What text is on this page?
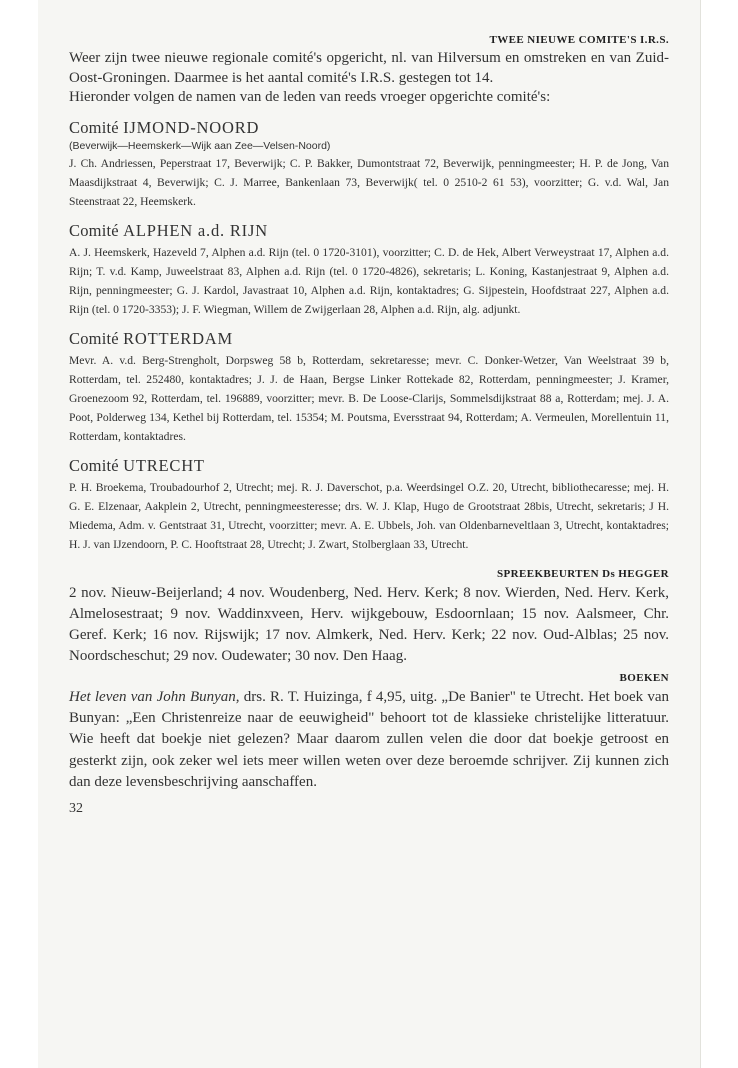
TWEE NIEUWE COMITE'S I.R.S.

Weer zijn twee nieuwe regionale comité's opgericht, nl. van Hilversum en omstreken en van Zuid-Oost-Groningen. Daarmee is het aantal comité's I.R.S. gestegen tot 14.

Hieronder volgen de namen van de leden van reeds vroeger opgerichte comité's:

Comité IJMOND-NOORD
(Beverwijk—Heemskerk—Wijk aan Zee—Velsen-Noord)

J. Ch. Andriessen, Peperstraat 17, Beverwijk; C. P. Bakker, Dumontstraat 72, Beverwijk, penningmeester; H. P. de Jong, Van Maasdijkstraat 4, Beverwijk; C. J. Marree, Bankenlaan 73, Beverwijk( tel. 0 2510-2 61 53), voorzitter; G. v.d. Wal, Jan Steenstraat 22, Heemskerk.

Comité ALPHEN a.d. RIJN

A. J. Heemskerk, Hazeveld 7, Alphen a.d. Rijn (tel. 0 1720-3101), voorzitter; C. D. de Hek, Albert Verweystraat 17, Alphen a.d. Rijn; T. v.d. Kamp, Juweelstraat 83, Alphen a.d. Rijn (tel. 0 1720-4826), sekretaris; L. Koning, Kastanjestraat 9, Alphen a.d. Rijn, penningmeester; G. J. Kardol, Javastraat 10, Alphen a.d. Rijn, kontaktadres; G. Sijpestein, Hoofdstraat 227, Alphen a.d. Rijn (tel. 0 1720-3353); J. F. Wiegman, Willem de Zwijgerlaan 28, Alphen a.d. Rijn, alg. adjunkt.

Comité ROTTERDAM

Mevr. A. v.d. Berg-Strengholt, Dorpsweg 58 b, Rotterdam, sekretaresse; mevr. C. Donker-Wetzer, Van Weelstraat 39 b, Rotterdam, tel. 252480, kontaktadres; J. J. de Haan, Bergse Linker Rottekade 82, Rotterdam, penningmeester; J. Kramer, Groenezoom 92, Rotterdam, tel. 196889, voorzitter; mevr. B. De Loose-Clarijs, Sommelsdijkstraat 88 a, Rotterdam; mej. J. A. Poot, Polderweg 134, Kethel bij Rotterdam, tel. 15354; M. Poutsma, Eversstraat 94, Rotterdam; A. Vermeulen, Morellentuin 11, Rotterdam, kontaktadres.

Comité UTRECHT

P. H. Broekema, Troubadourhof 2, Utrecht; mej. R. J. Daverschot, p.a. Weerdsingel O.Z. 20, Utrecht, bibliothecaresse; mej. H. G. E. Elzenaar, Aakplein 2, Utrecht, penningmeesteresse; drs. W. J. Klap, Hugo de Grootstraat 28bis, Utrecht, sekretaris; J H. Miedema, Adm. v. Gentstraat 31, Utrecht, voorzitter; mevr. A. E. Ubbels, Joh. van Oldenbarneveltlaan 3, Utrecht, kontaktadres; H. J. van IJzendoorn, P. C. Hooftstraat 28, Utrecht; J. Zwart, Stolberglaan 33, Utrecht.

SPREEKBEURTEN Ds HEGGER

2 nov. Nieuw-Beijerland; 4 nov. Woudenberg, Ned. Herv. Kerk; 8 nov. Wierden, Ned. Herv. Kerk, Almelosestraat; 9 nov. Waddinxveen, Herv. wijkgebouw, Esdoornlaan; 15 nov. Aalsmeer, Chr. Geref. Kerk; 16 nov. Rijswijk; 17 nov. Almkerk, Ned. Herv. Kerk; 22 nov. Oud-Alblas; 25 nov. Noordscheschut; 29 nov. Oudewater; 30 nov. Den Haag.

BOEKEN

Het leven van John Bunyan, drs. R. T. Huizinga, f 4,95, uitg. „De Banier" te Utrecht. Het boek van Bunyan: „Een Christenreize naar de eeuwigheid" behoort tot de klassieke christelijke litteratuur. Wie heeft dat boekje niet gelezen? Maar daarom zullen velen die door dat boekje getroost en gesterkt zijn, ook zeker wel iets meer willen weten over deze beroemde schrijver. Zij kunnen zich dan deze levensbeschrijving aanschaffen.

32
